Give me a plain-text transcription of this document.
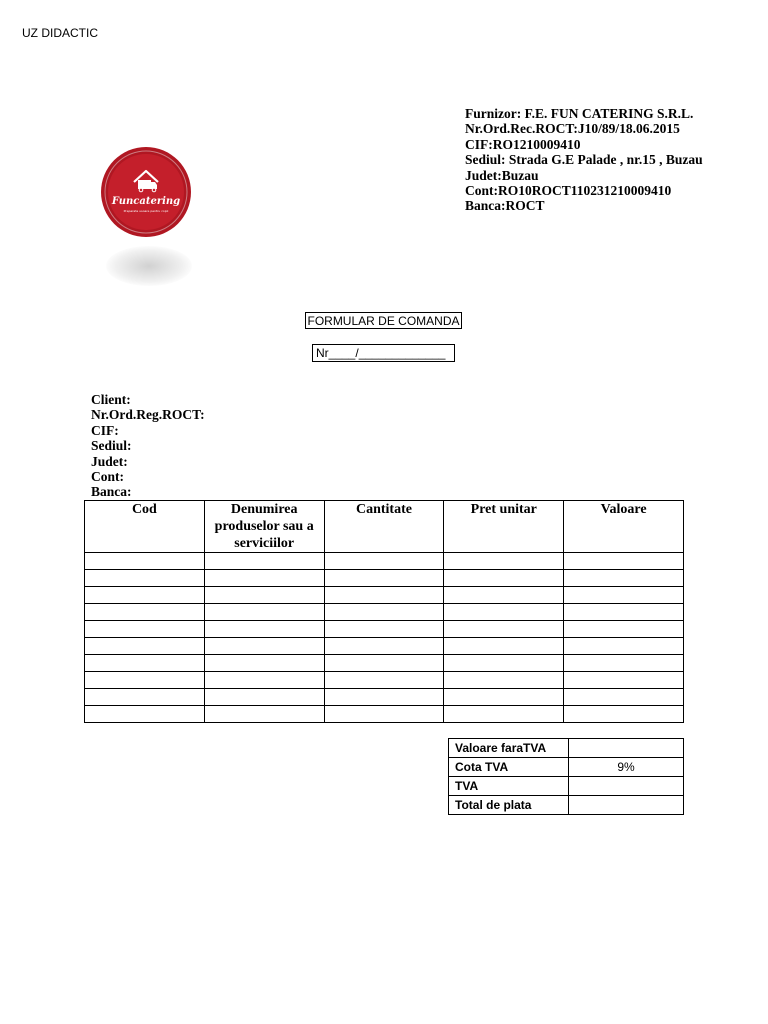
UZ DIDACTIC
Furnizor: F.E. FUN CATERING S.R.L.
Nr.Ord.Rec.ROCT:J10/89/18.06.2015
CIF:RO1210009410
Sediul: Strada G.E Palade , nr.15 , Buzau
Judet:Buzau
Cont:RO10ROCT110231210009410
Banca:ROCT
Funcatering
Preparate usoare pentru copii
FORMULAR DE COMANDA
Nr____/_____________
Client:
Nr.Ord.Reg.ROCT:
CIF:
Sediul:
Judet:
Cont:
Banca:
Cod	Denumirea produselor sau a serviciilor	Cantitate	Pret unitar	Valoare

Valoare faraTVA	
Cota TVA	9%
TVA	
Total de plata	
